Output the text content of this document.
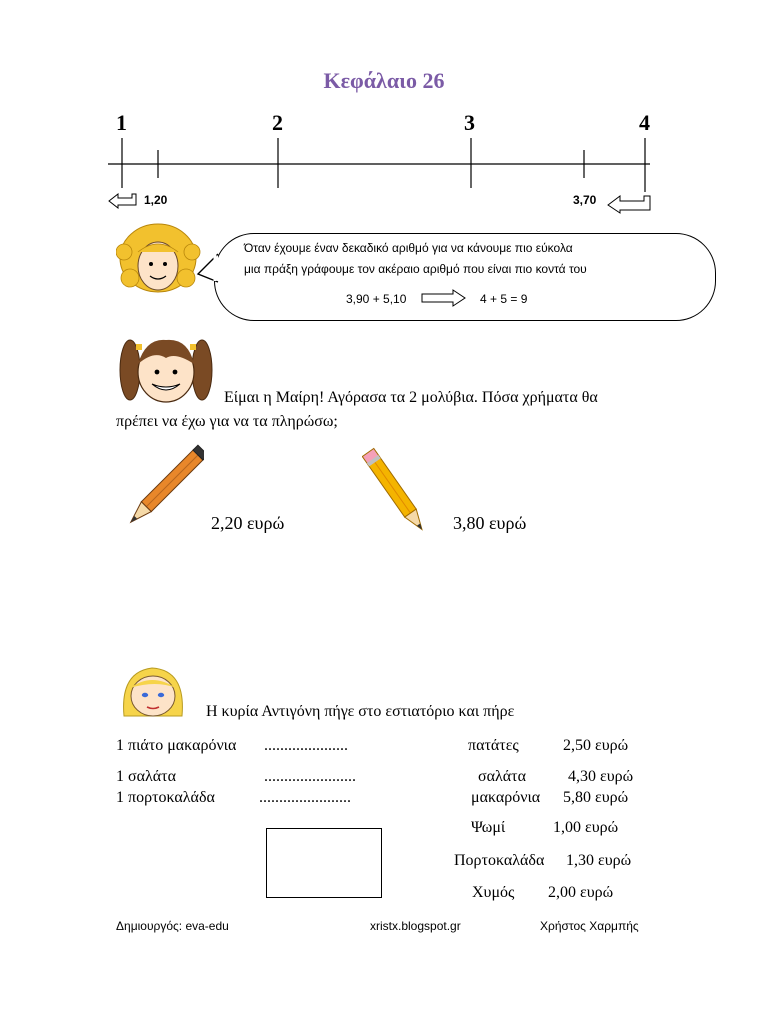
Κεφάλαιο 26
1	2	3	4
1,20	3,70
Όταν έχουμε έναν δεκαδικό αριθμό για να κάνουμε πιο εύκολα
μια πράξη γράφουμε τον ακέραιο αριθμό που είναι πιο κοντά του
3,90 + 5,10	4 + 5 = 9
Είμαι η Μαίρη! Αγόρασα τα 2 μολύβια. Πόσα χρήματα θα
πρέπει να έχω για να τα πληρώσω;
2,20 ευρώ	3,80 ευρώ
Η κυρία Αντιγόνη πήγε στο εστιατόριο και πήρε
1 πιάτο μακαρόνια .....................
1 σαλάτα	.......................
1 πορτοκαλάδα	.......................
πατάτες	2,50 ευρώ
σαλάτα	4,30 ευρώ
μακαρόνια 5,80 ευρώ
Ψωμί	1,00 ευρώ
Πορτοκαλάδα 1,30 ευρώ
Χυμός 2,00 ευρώ
Δημιουργός: eva-edu	xristx.blogspot.gr	Χρήστος Χαρμπής
